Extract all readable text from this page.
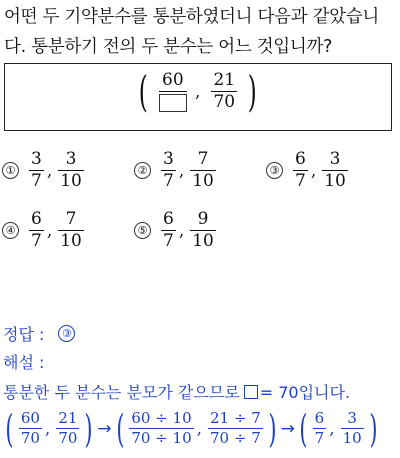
어떤 두 기약분수를 통분하였더니 다음과 같았습니
다. 통분하기 전의 두 분수는 어느 것입니까?
( 60
, $\frac{21}{70}$ )
① $\frac{3}{7}$ , $\frac{3}{10}$	② $\frac{3}{7}$ , $\frac{7}{10}$	③ $\frac{6}{7}$ , $\frac{3}{10}$
④ $\frac{6}{7}$ , $\frac{7}{10}$	⑤ $\frac{6}{7}$ , $\frac{9}{10}$
정답 :	③
해설 :
통분한 두 분수는 분모가 같으므로 = 70입니다.
( $\frac{60}{70}$ , $\frac{21}{70}$ ) → ( $\frac{60 \div 10}{70 \div 10}$ , $\frac{21 \div 7}{70 \div 7}$ ) → ( $\frac{6}{7}$ , $\frac{3}{10}$ )
